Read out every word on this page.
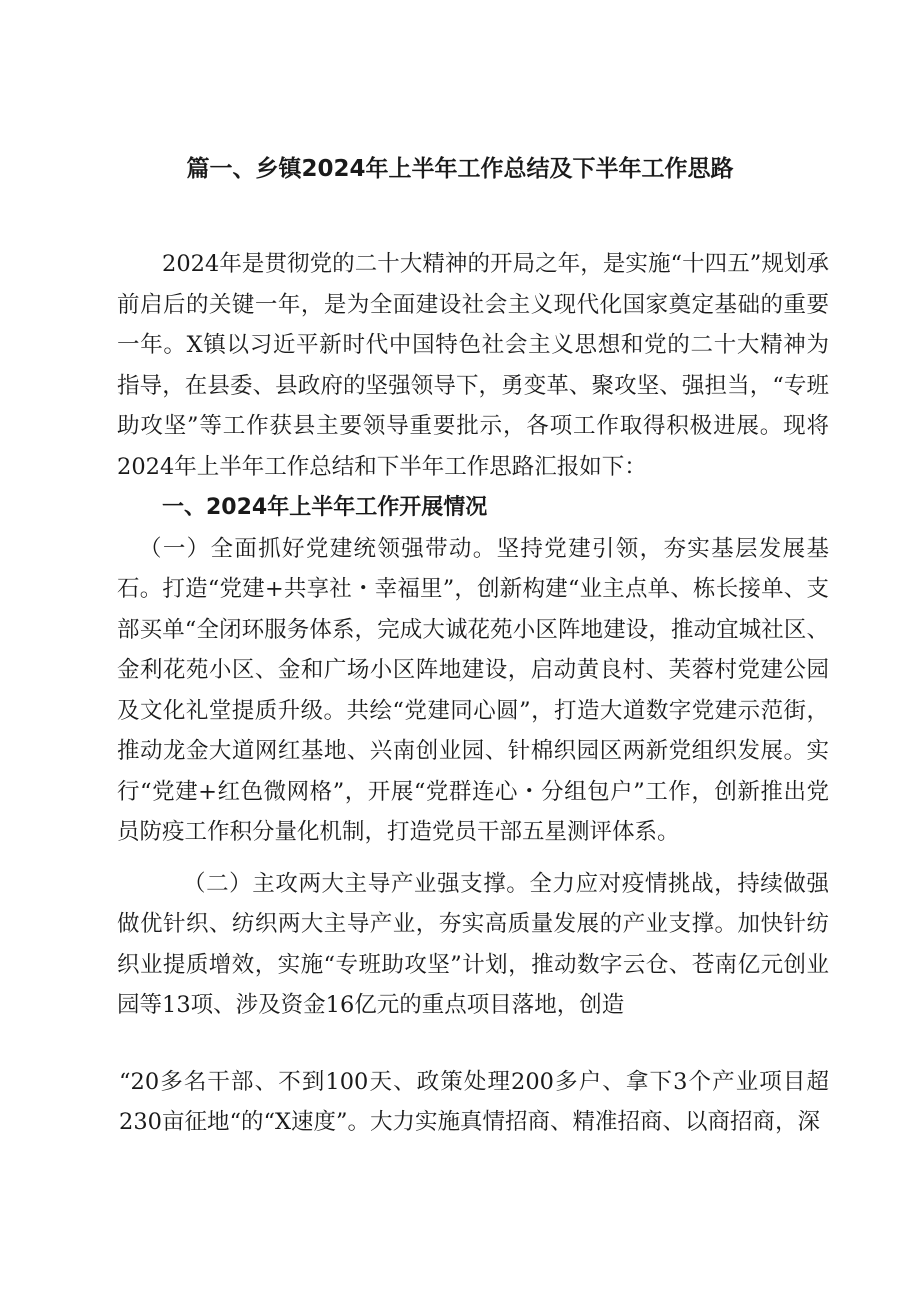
篇一、乡镇2024年上半年工作总结及下半年工作思路

2024年是贯彻党的二十大精神的开局之年，是实施“十四五”规划承前启后的关键一年，是为全面建设社会主义现代化国家奠定基础的重要一年。X镇以习近平新时代中国特色社会主义思想和党的二十大精神为指导，在县委、县政府的坚强领导下，勇变革、聚攻坚、强担当，“专班助攻坚”等工作获县主要领导重要批示，各项工作取得积极进展。现将2024年上半年工作总结和下半年工作思路汇报如下：

一、2024年上半年工作开展情况

（一）全面抓好党建统领强带动。坚持党建引领，夯实基层发展基石。打造“党建+共享社・幸福里”，创新构建“业主点单、栋长接单、支部买单“全闭环服务体系，完成大诚花苑小区阵地建设，推动宜城社区、金利花苑小区、金和广场小区阵地建设，启动黄良村、芙蓉村党建公园及文化礼堂提质升级。共绘“党建同心圆”，打造大道数字党建示范街，推动龙金大道网红基地、兴南创业园、针棉织园区两新党组织发展。实行“党建+红色微网格”，开展“党群连心・分组包户”工作，创新推出党员防疫工作积分量化机制，打造党员干部五星测评体系。

（二）主攻两大主导产业强支撑。全力应对疫情挑战，持续做强做优针织、纺织两大主导产业，夯实高质量发展的产业支撑。加快针纺织业提质增效，实施“专班助攻坚”计划，推动数字云仓、苍南亿元创业园等13项、涉及资金16亿元的重点项目落地，创造

“20多名干部、不到100天、政策处理200多户、拿下3个产业项目超230亩征地“的“X速度”。大力实施真情招商、精准招商、以商招商，深
